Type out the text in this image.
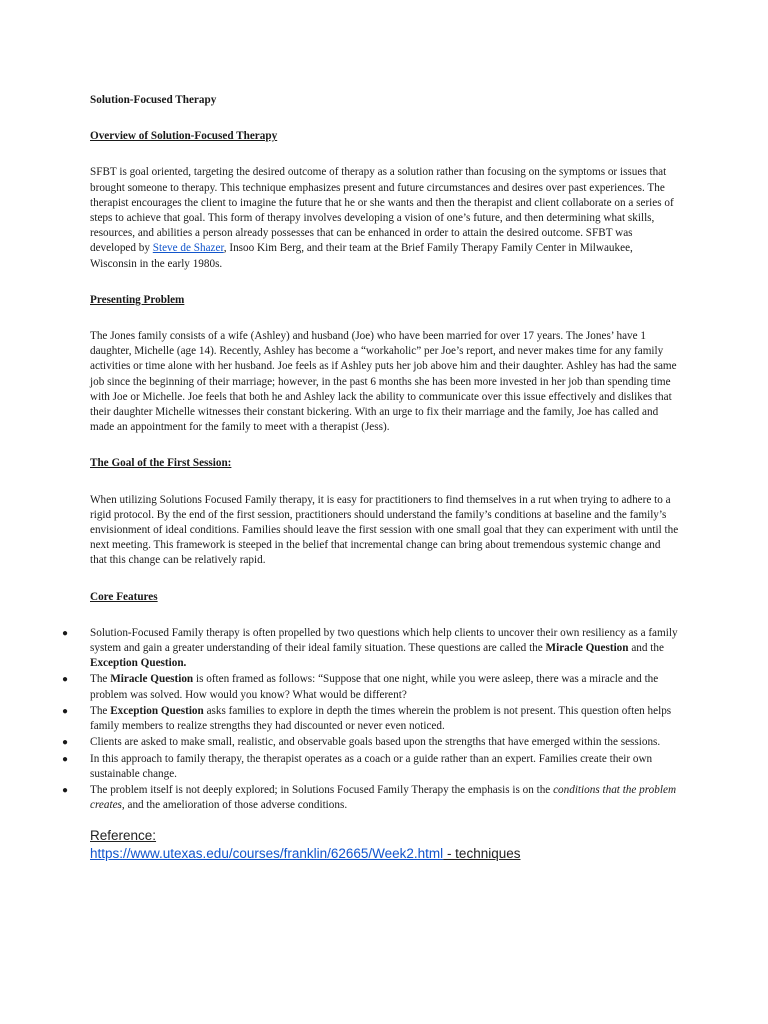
Solution-Focused Therapy

Overview of Solution-Focused Therapy

SFBT is goal oriented, targeting the desired outcome of therapy as a solution rather than focusing on the symptoms or issues that brought someone to therapy. This technique emphasizes present and future circumstances and desires over past experiences. The therapist encourages the client to imagine the future that he or she wants and then the therapist and client collaborate on a series of steps to achieve that goal. This form of therapy involves developing a vision of one’s future, and then determining what skills, resources, and abilities a person already possesses that can be enhanced in order to attain the desired outcome. SFBT was developed by Steve de Shazer, Insoo Kim Berg, and their team at the Brief Family Therapy Family Center in Milwaukee, Wisconsin in the early 1980s.

Presenting Problem

The Jones family consists of a wife (Ashley) and husband (Joe) who have been married for over 17 years. The Jones’ have 1 daughter, Michelle (age 14). Recently, Ashley has become a “workaholic” per Joe’s report, and never makes time for any family activities or time alone with her husband. Joe feels as if Ashley puts her job above him and their daughter. Ashley has had the same job since the beginning of their marriage; however, in the past 6 months she has been more invested in her job than spending time with Joe or Michelle. Joe feels that both he and Ashley lack the ability to communicate over this issue effectively and dislikes that their daughter Michelle witnesses their constant bickering. With an urge to fix their marriage and the family, Joe has called and made an appointment for the family to meet with a therapist (Jess).

The Goal of the First Session:

When utilizing Solutions Focused Family therapy, it is easy for practitioners to find themselves in a rut when trying to adhere to a rigid protocol. By the end of the first session, practitioners should understand the family’s conditions at baseline and the family’s envisionment of ideal conditions. Families should leave the first session with one small goal that they can experiment with until the next meeting. This framework is steeped in the belief that incremental change can bring about tremendous systemic change and that this change can be relatively rapid.

Core Features

● Solution-Focused Family therapy is often propelled by two questions which help clients to uncover their own resiliency as a family system and gain a greater understanding of their ideal family situation. These questions are called the Miracle Question and the Exception Question.
● The Miracle Question is often framed as follows: “Suppose that one night, while you were asleep, there was a miracle and the problem was solved. How would you know? What would be different?
● The Exception Question asks families to explore in depth the times wherein the problem is not present. This question often helps family members to realize strengths they had discounted or never even noticed.
● Clients are asked to make small, realistic, and observable goals based upon the strengths that have emerged within the sessions.
● In this approach to family therapy, the therapist operates as a coach or a guide rather than an expert. Families create their own sustainable change.
● The problem itself is not deeply explored; in Solutions Focused Family Therapy the emphasis is on the conditions that the problem creates, and the amelioration of those adverse conditions.
Reference:
https://www.utexas.edu/courses/franklin/62665/Week2.html - techniques
